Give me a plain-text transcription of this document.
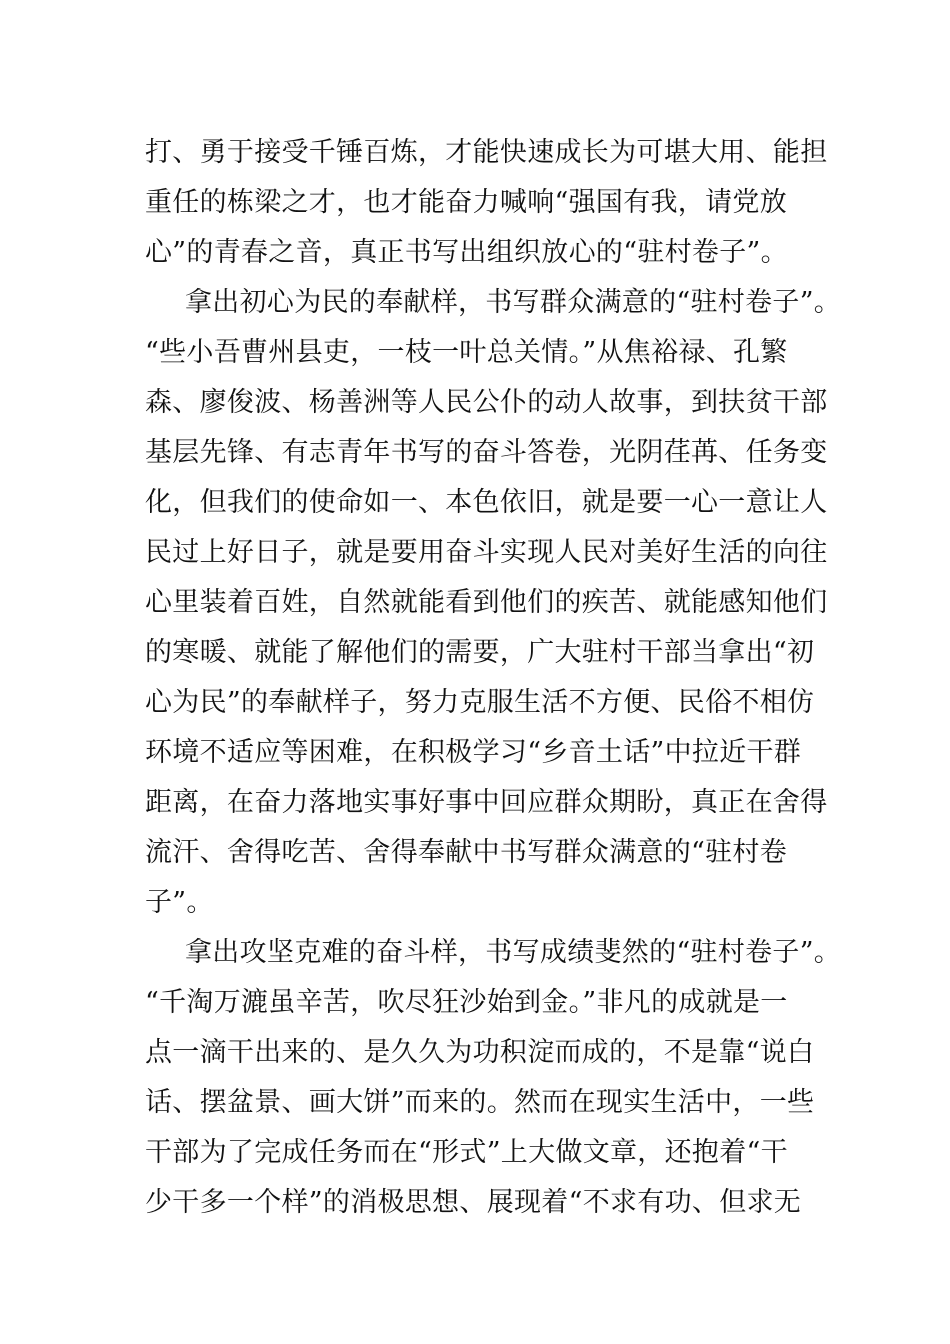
打、勇于接受千锤百炼，才能快速成长为可堪大用、能担
重任的栋梁之才，也才能奋力喊响“强国有我，请党放
心”的青春之音，真正书写出组织放心的“驻村卷子”。
拿出初心为民的奉献样，书写群众满意的“驻村卷子”。
“些小吾曹州县吏，一枝一叶总关情。”从焦裕禄、孔繁
森、廖俊波、杨善洲等人民公仆的动人故事，到扶贫干部
基层先锋、有志青年书写的奋斗答卷，光阴荏苒、任务变
化，但我们的使命如一、本色依旧，就是要一心一意让人
民过上好日子，就是要用奋斗实现人民对美好生活的向往
心里装着百姓，自然就能看到他们的疾苦、就能感知他们
的寒暖、就能了解他们的需要，广大驻村干部当拿出“初
心为民”的奉献样子，努力克服生活不方便、民俗不相仿
环境不适应等困难，在积极学习“乡音土话”中拉近干群
距离，在奋力落地实事好事中回应群众期盼，真正在舍得
流汗、舍得吃苦、舍得奉献中书写群众满意的“驻村卷
子”。
拿出攻坚克难的奋斗样，书写成绩斐然的“驻村卷子”。
“千淘万漉虽辛苦，吹尽狂沙始到金。”非凡的成就是一
点一滴干出来的、是久久为功积淀而成的，不是靠“说白
话、摆盆景、画大饼”而来的。然而在现实生活中，一些
干部为了完成任务而在“形式”上大做文章，还抱着“干
少干多一个样”的消极思想、展现着“不求有功、但求无
